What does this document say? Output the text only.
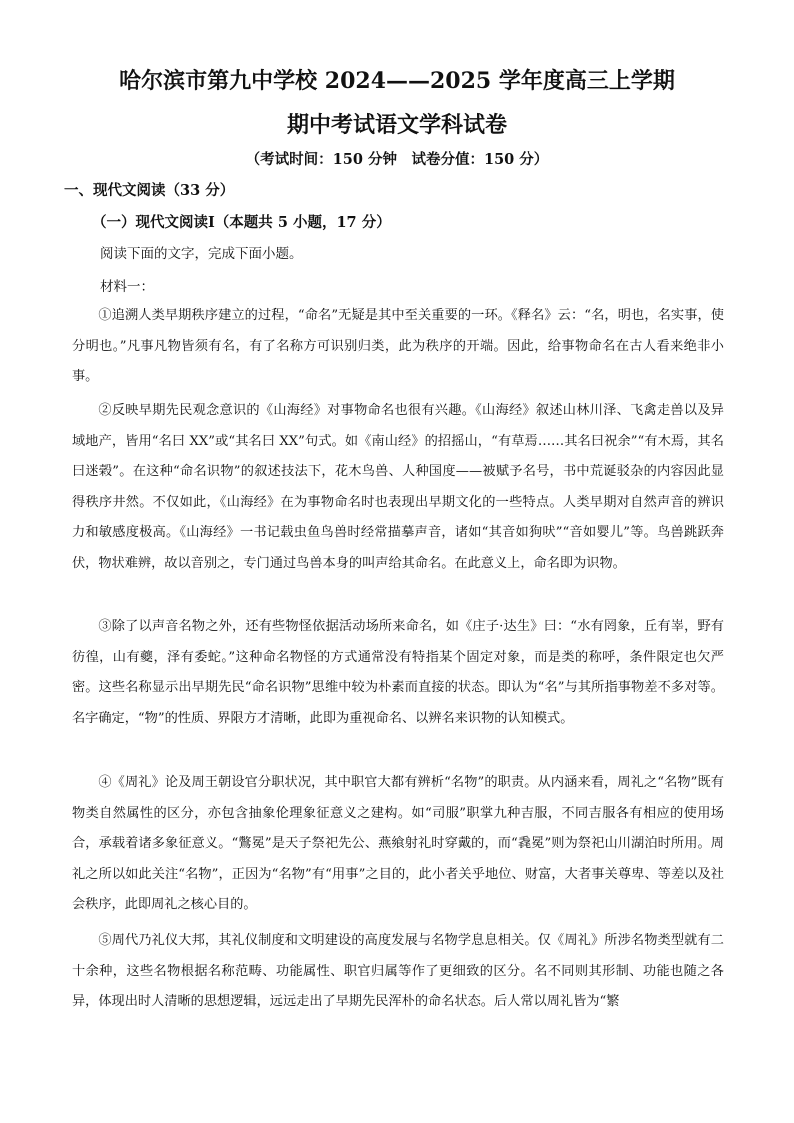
哈尔滨市第九中学校 2024——2025 学年度高三上学期
期中考试语文学科试卷
（考试时间：150 分钟　试卷分值：150 分）
一、现代文阅读（33 分）
（一）现代文阅读Ⅰ（本题共 5 小题，17 分）
阅读下面的文字，完成下面小题。
材料一：
①追溯人类早期秩序建立的过程，“命名”无疑是其中至关重要的一环。《释名》云：“名，明也，名实事，使分明也。”凡事凡物皆须有名，有了名称方可识别归类，此为秩序的开端。因此，给事物命名在古人看来绝非小事。
②反映早期先民观念意识的《山海经》对事物命名也很有兴趣。《山海经》叙述山林川泽、飞禽走兽以及异域地产，皆用“名曰 XX”或“其名曰 XX”句式。如《南山经》的招摇山，“有草焉……其名曰祝余”“有木焉，其名曰迷榖”。在这种“命名识物”的叙述技法下，花木鸟兽、人种国度——被赋予名号，书中荒诞驳杂的内容因此显得秩序井然。不仅如此，《山海经》在为事物命名时也表现出早期文化的一些特点。人类早期对自然声音的辨识力和敏感度极高。《山海经》一书记载虫鱼鸟兽时经常描摹声音，诸如“其音如狗吠”“音如婴儿”等。鸟兽跳跃奔伏，物状难辨，故以音别之，专门通过鸟兽本身的叫声给其命名。在此意义上，命名即为识物。
③除了以声音名物之外，还有些物怪依据活动场所来命名，如《庄子·达生》曰：“水有罔象，丘有峷，野有彷徨，山有夔，泽有委蛇。”这种命名物怪的方式通常没有特指某个固定对象，而是类的称呼，条件限定也欠严密。这些名称显示出早期先民“命名识物”思维中较为朴素而直接的状态。即认为“名”与其所指事物差不多对等。名字确定，“物”的性质、界限方才清晰，此即为重视命名、以辨名来识物的认知模式。
④《周礼》论及周王朝设官分职状况，其中职官大都有辨析“名物”的职责。从内涵来看，周礼之“名物”既有物类自然属性的区分，亦包含抽象伦理象征意义之建构。如“司服”职掌九种吉服，不同吉服各有相应的使用场合，承载着诸多象征意义。“鷩冕”是天子祭祀先公、燕飨射礼时穿戴的，而“毳冕”则为祭祀山川湖泊时所用。周礼之所以如此关注“名物”，正因为“名物”有“用事”之目的，此小者关乎地位、财富，大者事关尊卑、等差以及社会秩序，此即周礼之核心目的。
⑤周代乃礼仪大邦，其礼仪制度和文明建设的高度发展与名物学息息相关。仅《周礼》所涉名物类型就有二十余种，这些名物根据名称范畴、功能属性、职官归属等作了更细致的区分。名不同则其形制、功能也随之各异，体现出时人清晰的思想逻辑，远远走出了早期先民浑朴的命名状态。后人常以周礼皆为“繁
